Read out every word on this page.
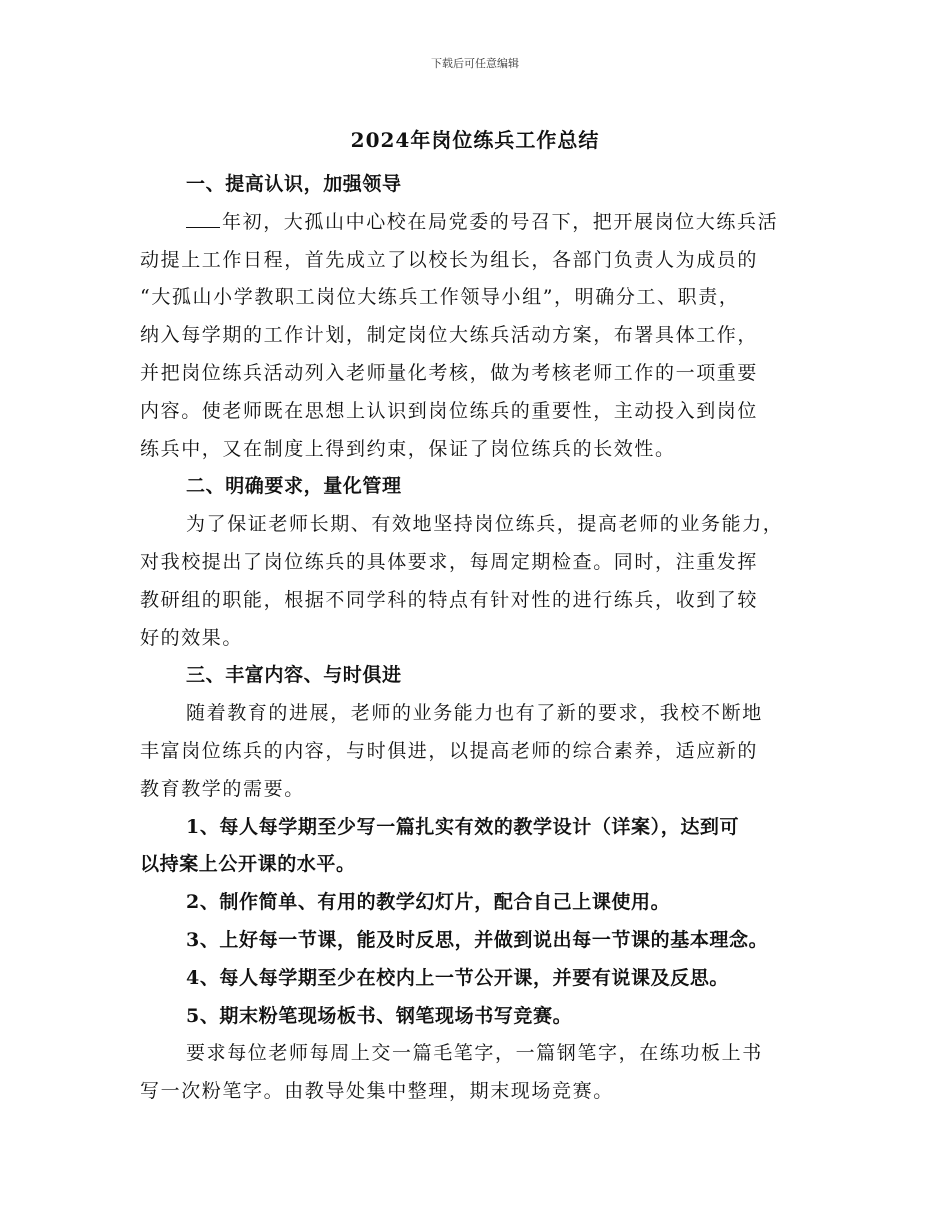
下载后可任意编辑
2024年岗位练兵工作总结
一、提高认识，加强领导
年初，大孤山中心校在局党委的号召下，把开展岗位大练兵活
动提上工作日程，首先成立了以校长为组长，各部门负责人为成员的
“大孤山小学教职工岗位大练兵工作领导小组”，明确分工、职责，
纳入每学期的工作计划，制定岗位大练兵活动方案，布署具体工作，
并把岗位练兵活动列入老师量化考核，做为考核老师工作的一项重要
内容。使老师既在思想上认识到岗位练兵的重要性，主动投入到岗位
练兵中，又在制度上得到约束，保证了岗位练兵的长效性。
二、明确要求，量化管理
为了保证老师长期、有效地坚持岗位练兵，提高老师的业务能力，
对我校提出了岗位练兵的具体要求，每周定期检查。同时，注重发挥
教研组的职能，根据不同学科的特点有针对性的进行练兵，收到了较
好的效果。
三、丰富内容、与时俱进
随着教育的进展，老师的业务能力也有了新的要求，我校不断地
丰富岗位练兵的内容，与时俱进，以提高老师的综合素养，适应新的
教育教学的需要。
1、每人每学期至少写一篇扎实有效的教学设计（详案），达到可
以持案上公开课的水平。
2、制作简单、有用的教学幻灯片，配合自己上课使用。
3、上好每一节课，能及时反思，并做到说出每一节课的基本理念。
4、每人每学期至少在校内上一节公开课，并要有说课及反思。
5、期末粉笔现场板书、钢笔现场书写竞赛。
要求每位老师每周上交一篇毛笔字，一篇钢笔字，在练功板上书
写一次粉笔字。由教导处集中整理，期末现场竞赛。
